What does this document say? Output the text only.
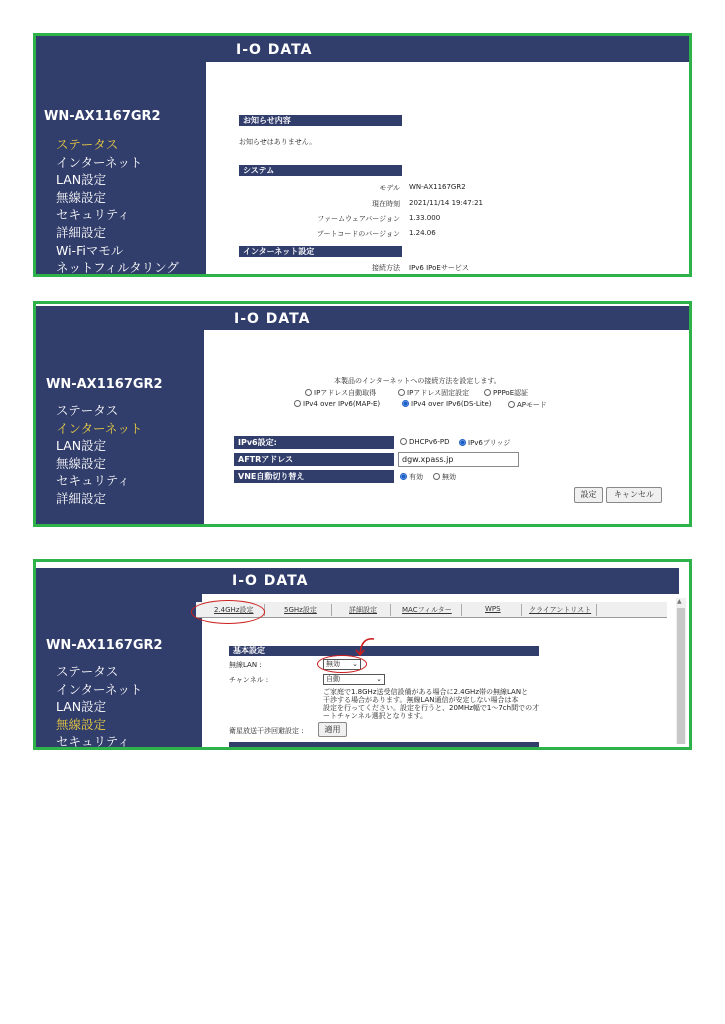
I-O DATA
WN-AX1167GR2
ステータス
インターネット
LAN設定
無線設定
セキュリティ
詳細設定
Wi-Fiマモル
ネットフィルタリング
お知らせ内容
お知らせはありません。
システム
モデル WN-AX1167GR2
現在時刻 2021/11/14 19:47:21
ファームウェアバージョン 1.33.000
ブートコードのバージョン 1.24.06
インターネット設定
接続方法 IPv6 IPoEサービス
I-O DATA
WN-AX1167GR2
ステータス
インターネット
LAN設定
無線設定
セキュリティ
詳細設定
本製品のインターネットへの接続方法を設定します。
IPアドレス自動取得	IPアドレス固定設定	PPPoE認証
IPv4 over IPv6(MAP-E)	IPv4 over IPv6(DS-Lite)	APモード
IPv6設定:	DHCPv6-PD	IPv6ブリッジ
AFTRアドレス	dgw.xpass.jp
VNE自動切り替え	有効	無効
設定	キャンセル
I-O DATA
WN-AX1167GR2
ステータス
インターネット
LAN設定
無線設定
セキュリティ
2.4GHz設定	5GHz設定	詳細設定	MACフィルター	WPS	クライアントリスト
▲
基本設定
無線LAN :	無効 ⌄
チャンネル :	自動	⌄
ご家庭で1.8GHz送受信設備がある場合に2.4GHz帯の無線LANと
干渉する場合があります。無線LAN通信が安定しない場合は本
設定を行ってください。設定を行うと、20MHz幅で1〜7ch間での才
ートチャンネル選択となります。
衛星放送干渉回避設定 :	適用
